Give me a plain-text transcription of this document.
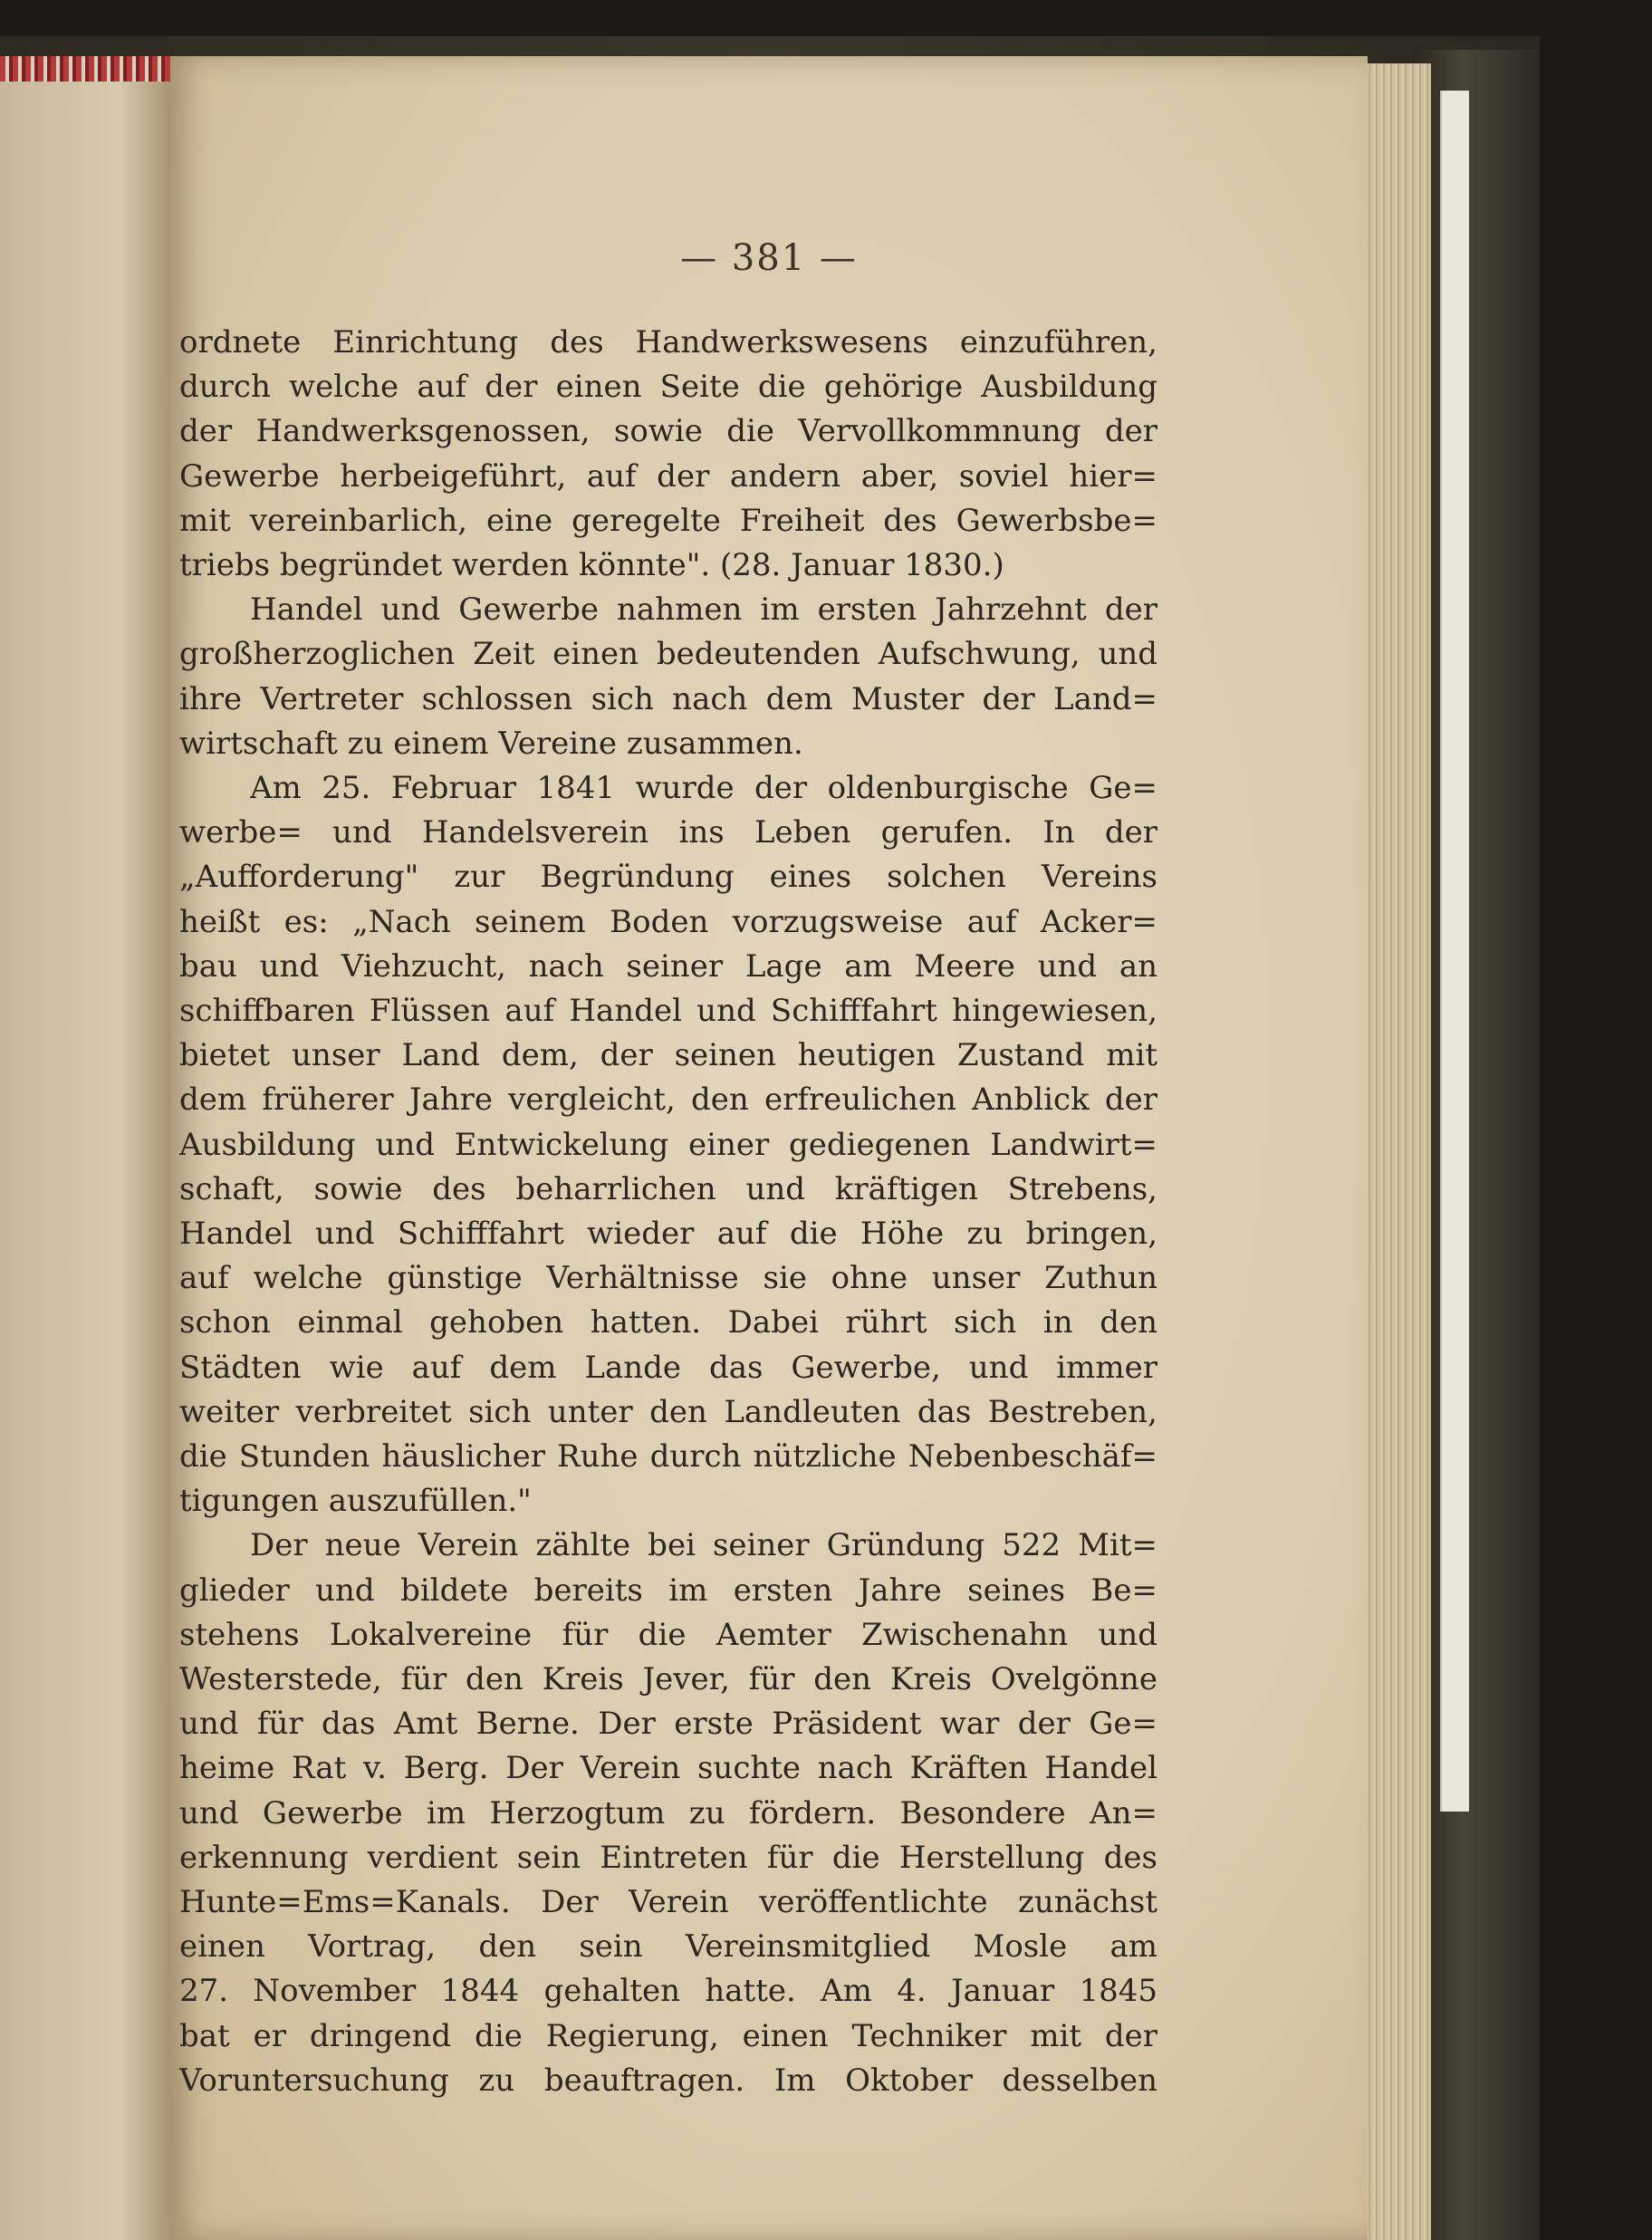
— 381 —
ordnete Einrichtung des Handwerkswesens einzuführen,
durch welche auf der einen Seite die gehörige Ausbildung
der Handwerksgenossen, sowie die Vervollkommnung der
Gewerbe herbeigeführt, auf der andern aber, soviel hier=
mit vereinbarlich, eine geregelte Freiheit des Gewerbsbe=
triebs begründet werden könnte". (28. Januar 1830.)
Handel und Gewerbe nahmen im ersten Jahrzehnt der
großherzoglichen Zeit einen bedeutenden Aufschwung, und
ihre Vertreter schlossen sich nach dem Muster der Land=
wirtschaft zu einem Vereine zusammen.
Am 25. Februar 1841 wurde der oldenburgische Ge=
werbe= und Handelsverein ins Leben gerufen. In der
„Aufforderung" zur Begründung eines solchen Vereins
heißt es: „Nach seinem Boden vorzugsweise auf Acker=
bau und Viehzucht, nach seiner Lage am Meere und an
schiffbaren Flüssen auf Handel und Schifffahrt hingewiesen,
bietet unser Land dem, der seinen heutigen Zustand mit
dem früherer Jahre vergleicht, den erfreulichen Anblick der
Ausbildung und Entwickelung einer gediegenen Landwirt=
schaft, sowie des beharrlichen und kräftigen Strebens,
Handel und Schifffahrt wieder auf die Höhe zu bringen,
auf welche günstige Verhältnisse sie ohne unser Zuthun
schon einmal gehoben hatten. Dabei rührt sich in den
Städten wie auf dem Lande das Gewerbe, und immer
weiter verbreitet sich unter den Landleuten das Bestreben,
die Stunden häuslicher Ruhe durch nützliche Nebenbeschäf=
tigungen auszufüllen."
Der neue Verein zählte bei seiner Gründung 522 Mit=
glieder und bildete bereits im ersten Jahre seines Be=
stehens Lokalvereine für die Aemter Zwischenahn und
Westerstede, für den Kreis Jever, für den Kreis Ovelgönne
und für das Amt Berne. Der erste Präsident war der Ge=
heime Rat v. Berg. Der Verein suchte nach Kräften Handel
und Gewerbe im Herzogtum zu fördern. Besondere An=
erkennung verdient sein Eintreten für die Herstellung des
Hunte=Ems=Kanals. Der Verein veröffentlichte zunächst
einen Vortrag, den sein Vereinsmitglied Mosle am
27. November 1844 gehalten hatte. Am 4. Januar 1845
bat er dringend die Regierung, einen Techniker mit der
Voruntersuchung zu beauftragen. Im Oktober desselben
